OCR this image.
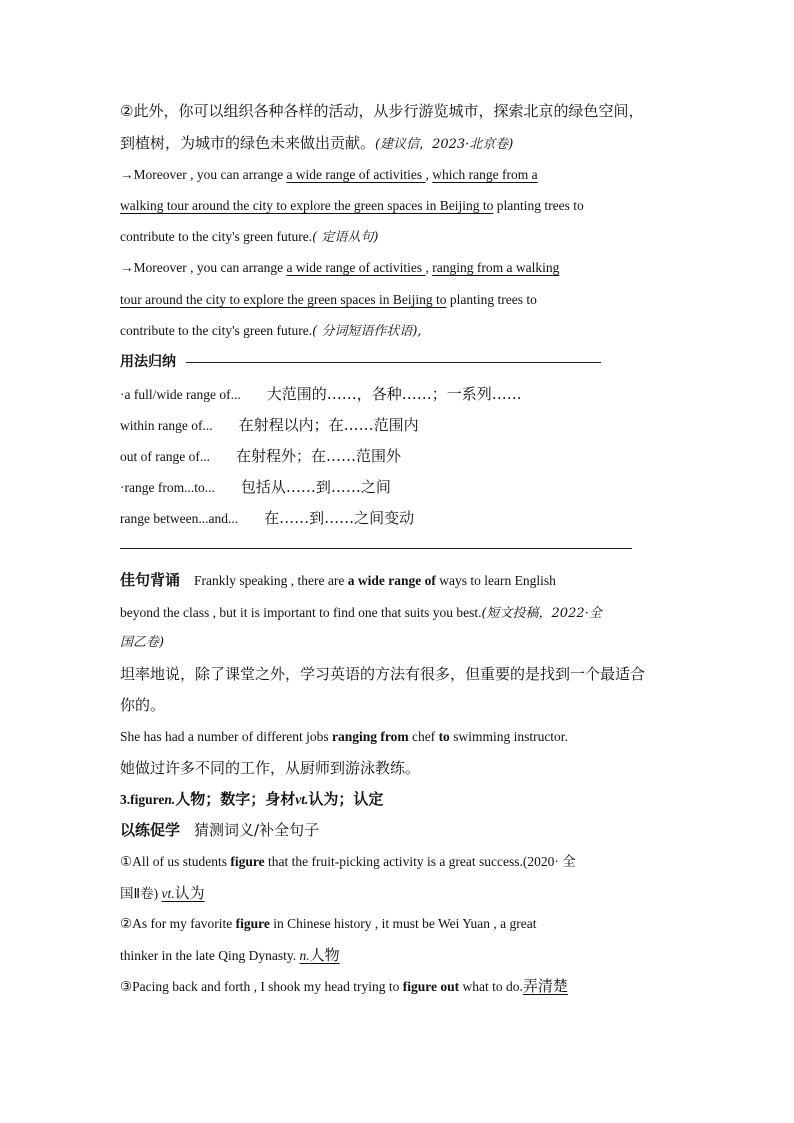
②此外，你可以组织各种各样的活动，从步行游览城市，探索北京的绿色空间，
到植树，为城市的绿色未来做出贡献。(建议信，2023·北京卷)
→Moreover , you can arrange a wide range of activities , which range from a
walking tour around the city to explore the green spaces in Beijing to planting trees to
contribute to the city's green future.( 定语从句)
→Moreover , you can arrange a wide range of activities , ranging from a walking
tour around the city to explore the green spaces in Beijing to planting trees to
contribute to the city's green future.( 分词短语作状语),
用法归纳
·a full/wide range of... 大范围的……，各种……；一系列……
within range of... 在射程以内；在……范围内
out of range of... 在射程外；在……范围外
·range from...to... 包括从……到……之间
range between...and... 在……到……之间变动
佳句背诵 Frankly speaking , there are a wide range of ways to learn English
beyond the class , but it is important to find one that suits you best.(短文投稿，2022·全
国乙卷)
坦率地说，除了课堂之外，学习英语的方法有很多，但重要的是找到一个最适合
你的。
She has had a number of different jobs ranging from chef to swimming instructor.
她做过许多不同的工作，从厨师到游泳教练。
3.figuren.人物；数字；身材vt.认为；认定
以练促学 猜测词义/补全句子
①All of us students figure that the fruit-picking activity is a great success.(2020· 全
国Ⅱ卷) vt.认为
②As for my favorite figure in Chinese history , it must be Wei Yuan , a great
thinker in the late Qing Dynasty. n.人物
③Pacing back and forth , I shook my head trying to figure out what to do.弄清楚
